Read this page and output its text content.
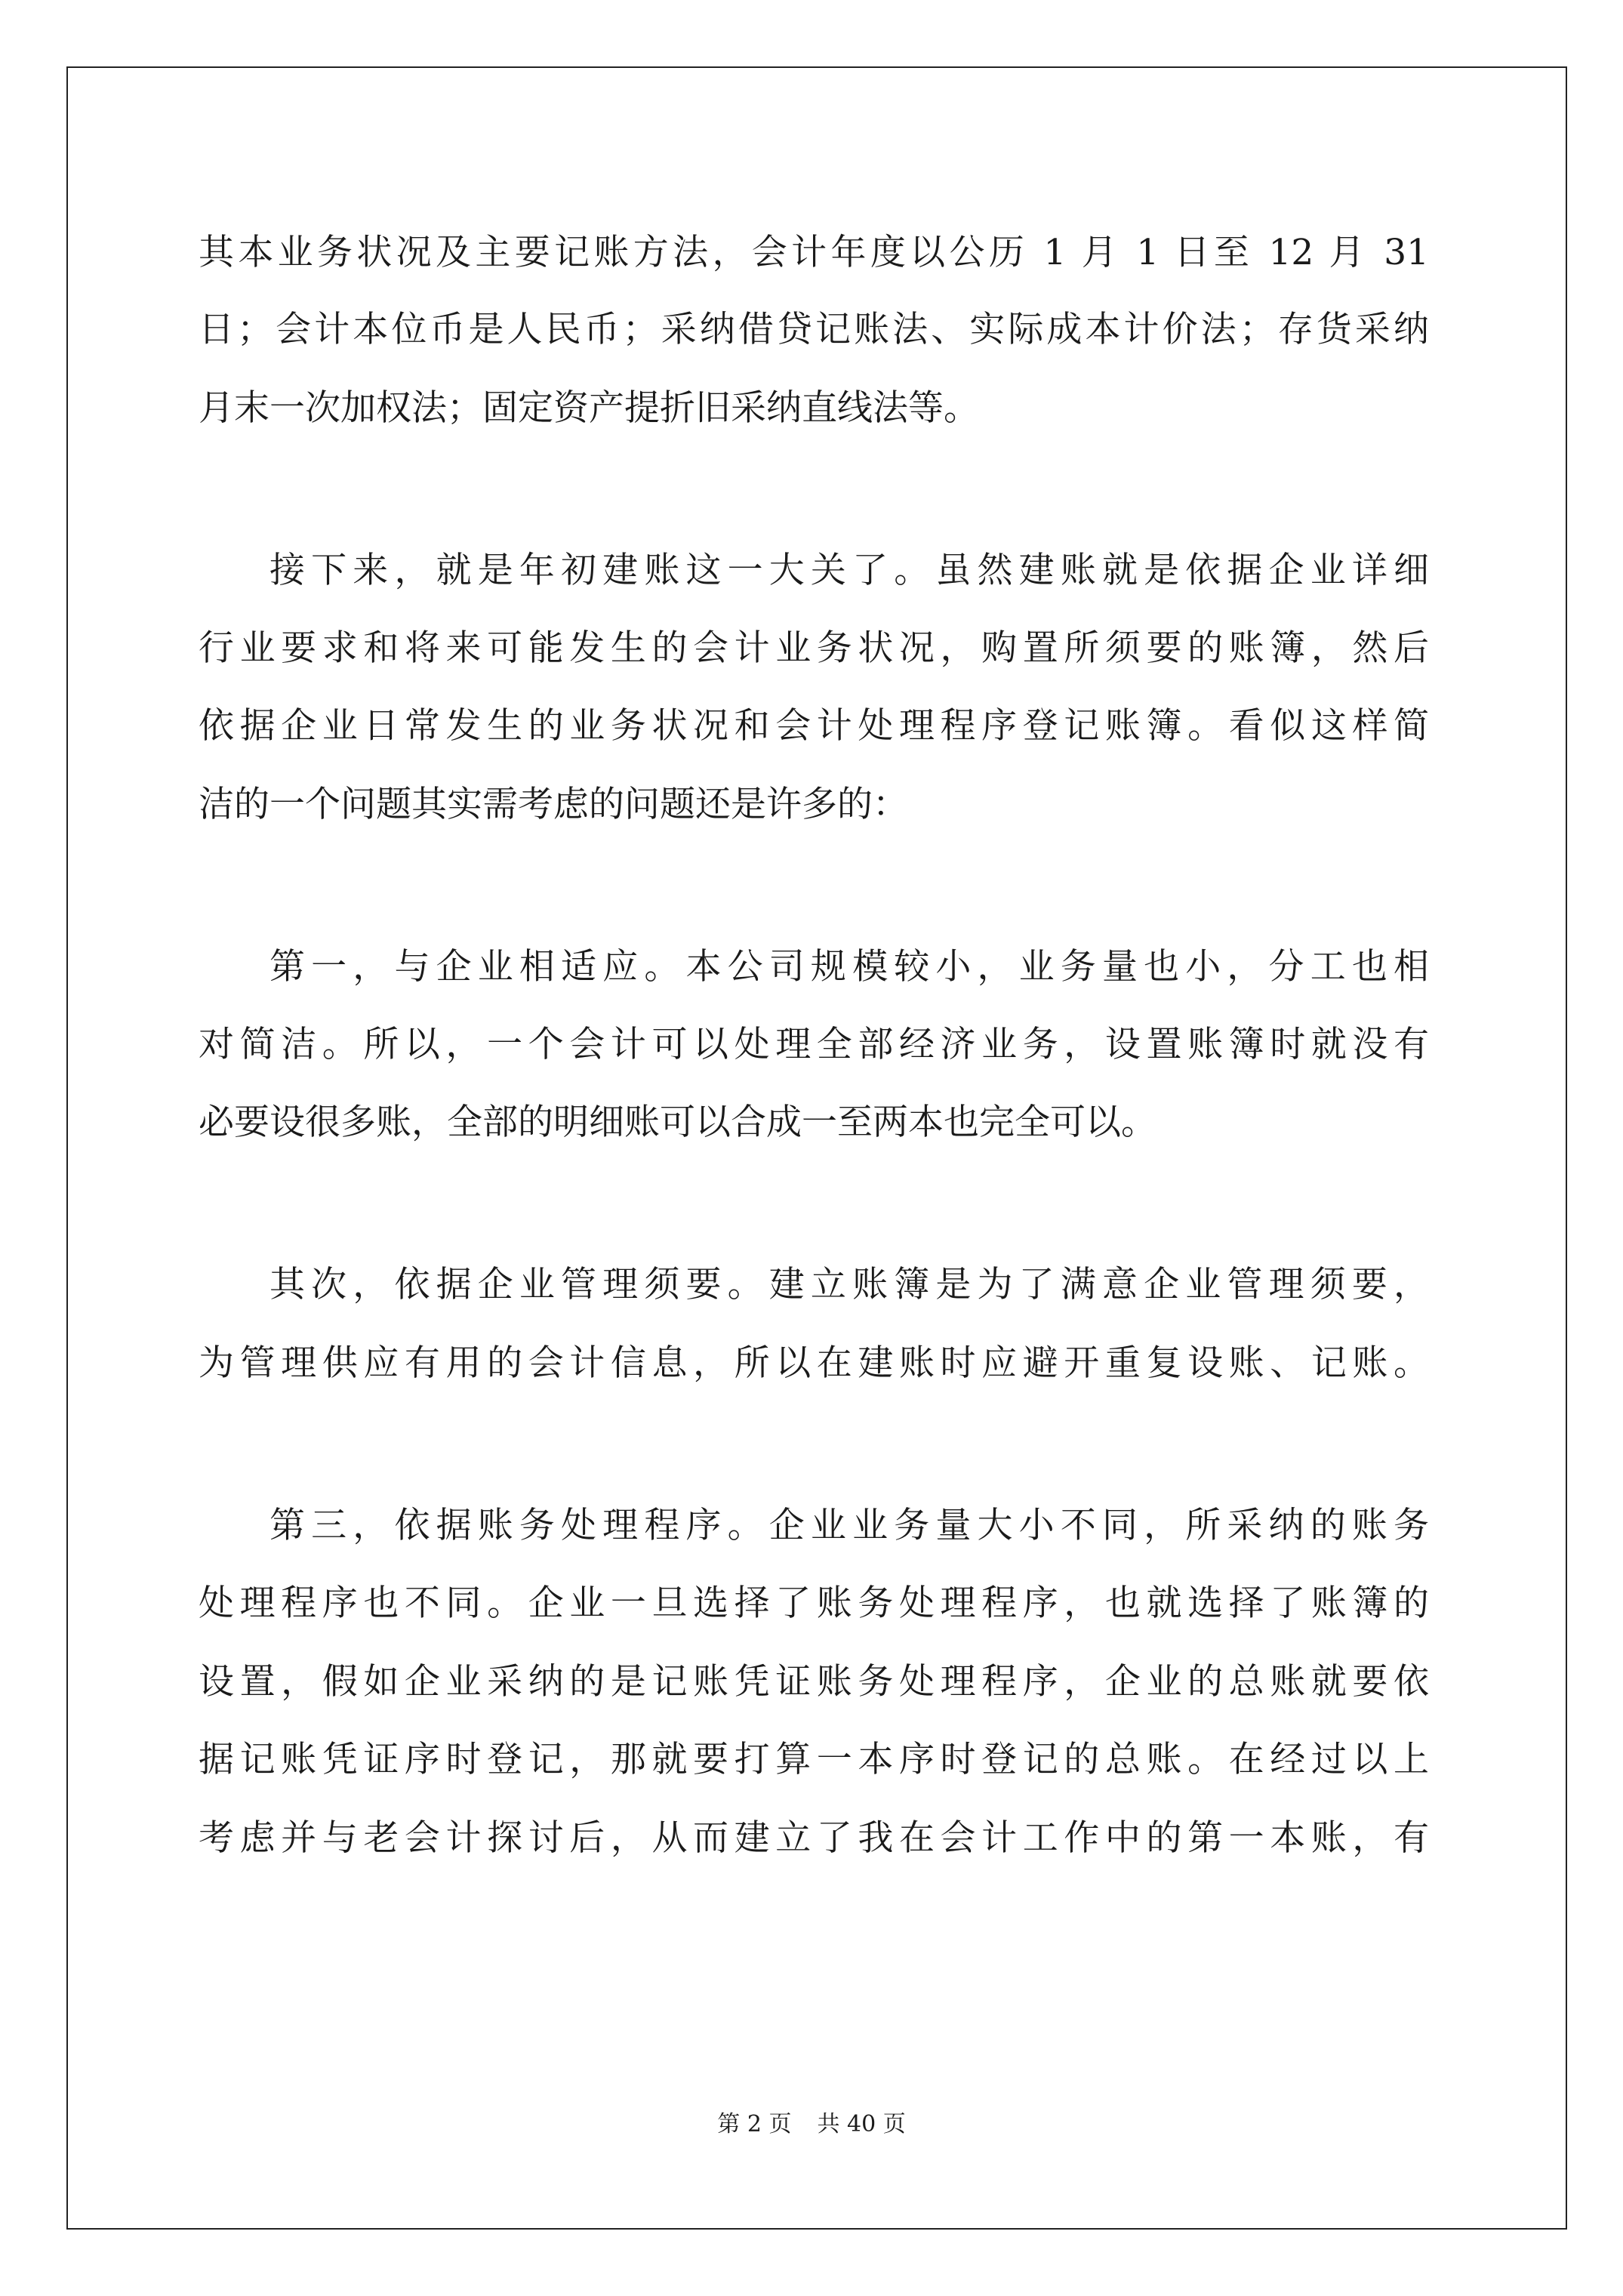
其本业务状况及主要记账方法，会计年度以公历 1 月 1 日至 12 月 31
日；会计本位币是人民币；采纳借贷记账法、实际成本计价法；存货采纳
月末一次加权法；固定资产提折旧采纳直线法等。
接下来，就是年初建账这一大关了。虽然建账就是依据企业详细
行业要求和将来可能发生的会计业务状况，购置所须要的账簿，然后
依据企业日常发生的业务状况和会计处理程序登记账簿。看似这样简
洁的一个问题其实需考虑的问题还是许多的：
第一，与企业相适应。本公司规模较小，业务量也小，分工也相
对简洁。所以，一个会计可以处理全部经济业务，设置账簿时就没有
必要设很多账，全部的明细账可以合成一至两本也完全可以。
其次，依据企业管理须要。建立账簿是为了满意企业管理须要，
为管理供应有用的会计信息，所以在建账时应避开重复设账、记账。
第三，依据账务处理程序。企业业务量大小不同，所采纳的账务
处理程序也不同。企业一旦选择了账务处理程序，也就选择了账簿的
设置，假如企业采纳的是记账凭证账务处理程序，企业的总账就要依
据记账凭证序时登记，那就要打算一本序时登记的总账。在经过以上
考虑并与老会计探讨后，从而建立了我在会计工作中的第一本账，有
第 2 页 共 40 页
